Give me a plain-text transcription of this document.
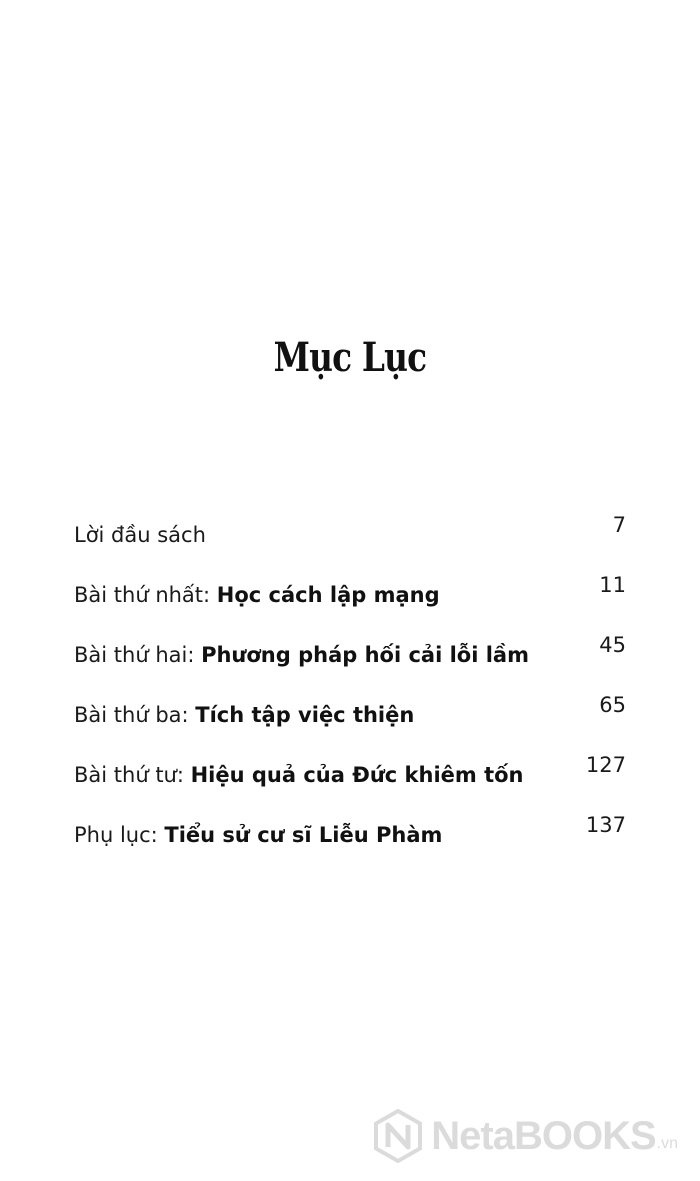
Mục Lục
Lời đầu sách	7
Bài thứ nhất: Học cách lập mạng	11
Bài thứ hai: Phương pháp hối cải lỗi lầm	45
Bài thứ ba: Tích tập việc thiện	65
Bài thứ tư: Hiệu quả của Đức khiêm tốn	127
Phụ lục: Tiểu sử cư sĩ Liễu Phàm	137
NetaBOOKS .vn
